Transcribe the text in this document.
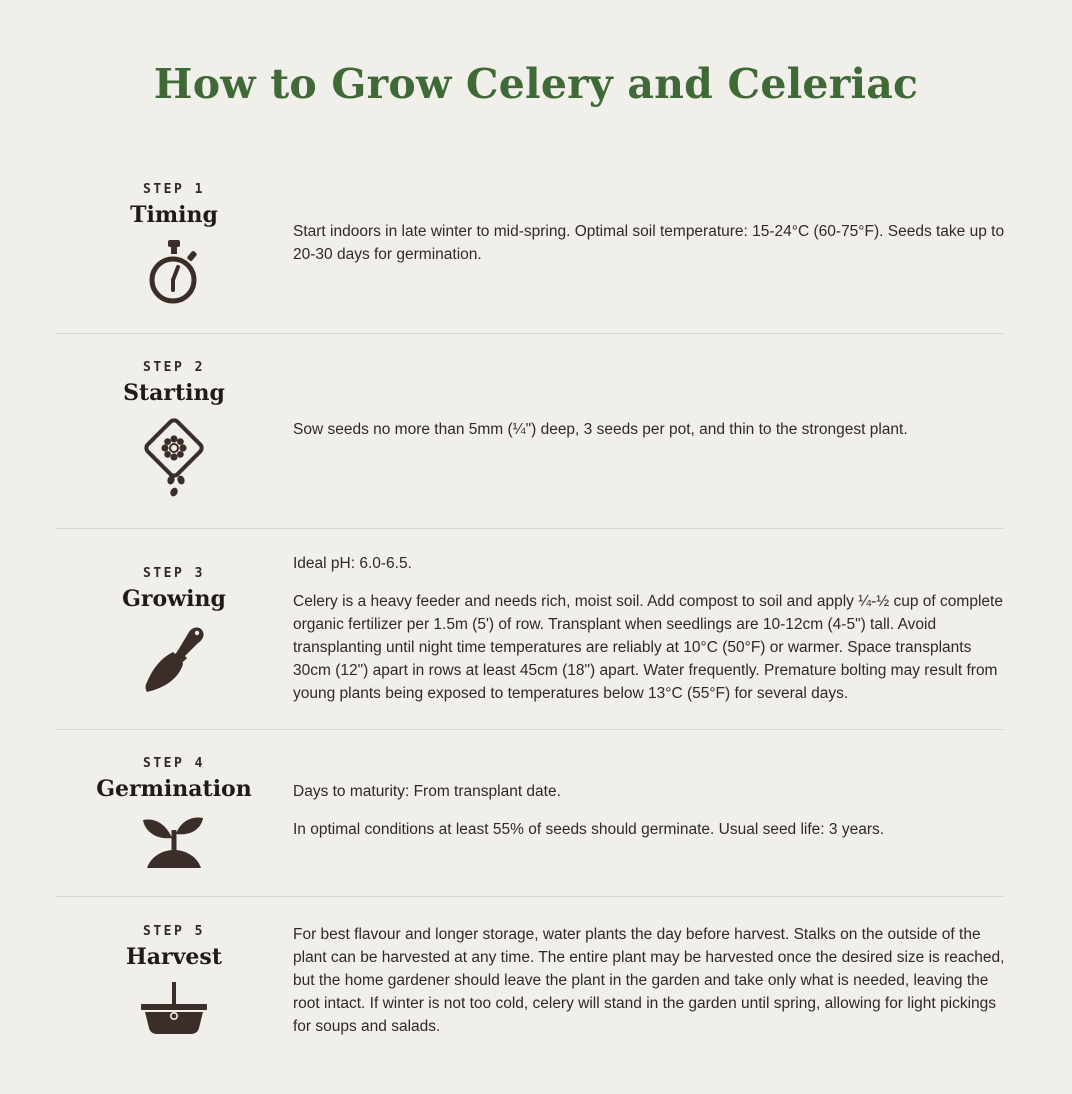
How to Grow Celery and Celeriac
STEP 1
Timing

Start indoors in late winter to mid-spring. Optimal soil temperature: 15-24°C (60-75°F). Seeds take up to 20-30 days for germination.

STEP 2
Starting

Sow seeds no more than 5mm (¼") deep, 3 seeds per pot, and thin to the strongest plant.

STEP 3
Growing

Ideal pH: 6.0-6.5.

Celery is a heavy feeder and needs rich, moist soil. Add compost to soil and apply ¼-½ cup of complete organic fertilizer per 1.5m (5') of row. Transplant when seedlings are 10-12cm (4-5") tall. Avoid transplanting until night time temperatures are reliably at 10°C (50°F) or warmer. Space transplants 30cm (12") apart in rows at least 45cm (18") apart. Water frequently. Premature bolting may result from young plants being exposed to temperatures below 13°C (55°F) for several days.

STEP 4
Germination	Days to maturity: From transplant date.

In optimal conditions at least 55% of seeds should germinate. Usual seed life: 3 years.

STEP 5
Harvest

For best flavour and longer storage, water plants the day before harvest. Stalks on the outside of the plant can be harvested at any time. The entire plant may be harvested once the desired size is reached, but the home gardener should leave the plant in the garden and take only what is needed, leaving the root intact. If winter is not too cold, celery will stand in the garden until spring, allowing for light pickings for soups and salads.
